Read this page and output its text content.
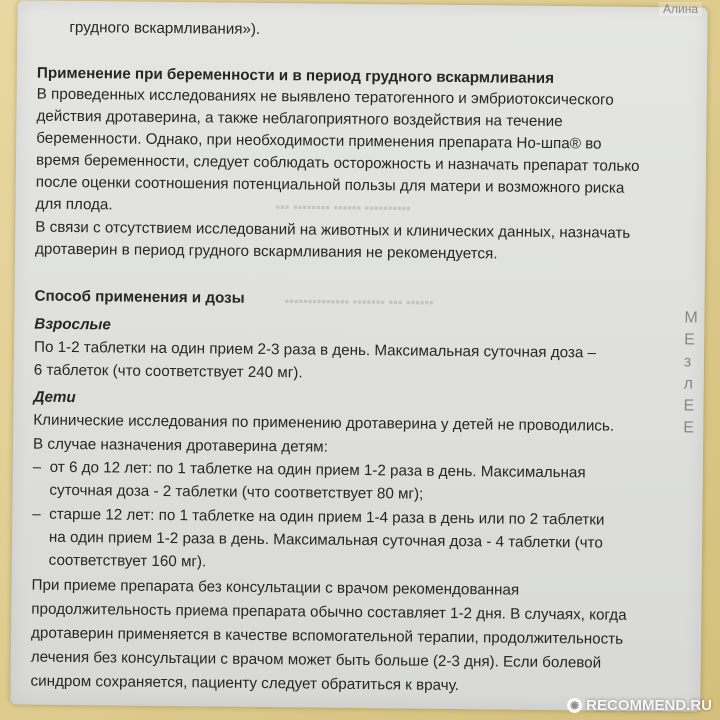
▪▪▪ ▪▪▪▪▪▪▪▪ ▪▪▪▪▪▪ ▪▪▪▪▪▪▪▪▪▪
▪▪▪▪▪▪▪▪▪▪▪▪▪▪ ▪▪▪▪▪▪▪ ▪▪▪ ▪▪▪▪▪▪
грудного вскармливания»).
Применение при беременности и в период грудного вскармливания
В проведенных исследованиях не выявлено тератогенного и эмбриотоксического
действия дротаверина, а также неблагоприятного воздействия на течение
беременности. Однако, при необходимости применения препарата Но-шпа® во
время беременности, следует соблюдать осторожность и назначать препарат только
после оценки соотношения потенциальной пользы для матери и возможного риска
для плода.
В связи с отсутствием исследований на животных и клинических данных, назначать
дротаверин в период грудного вскармливания не рекомендуется.
Способ применения и дозы
Взрослые
По 1-2 таблетки на один прием 2-3 раза в день. Максимальная суточная доза –
6 таблеток (что соответствует 240 мг).
Дети
Клинические исследования по применению дротаверина у детей не проводились.
В случае назначения дротаверина детям:
–  от 6 до 12 лет: по 1 таблетке на один прием 1-2 раза в день. Максимальная
суточная доза - 2 таблетки (что соответствует 80 мг);
–  старше 12 лет: по 1 таблетке на один прием 1-4 раза в день или по 2 таблетки
на один прием 1-2 раза в день. Максимальная суточная доза - 4 таблетки (что
соответствует 160 мг).
При приеме препарата без консультации с врачом рекомендованная
продолжительность приема препарата обычно составляет 1-2 дня. В случаях, когда
дротаверин применяется в качестве вспомогательной терапии, продолжительность
лечения без консультации с врачом может быть больше (2-3 дня). Если болевой
синдром сохраняется, пациенту следует обратиться к врачу.
М
Е
з
л
Е
Е
Алина
◉ RECOMMEND.RU
